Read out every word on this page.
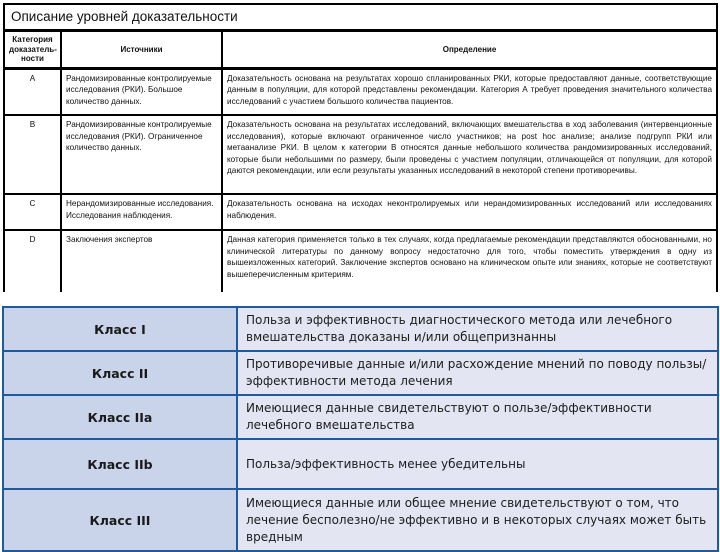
Описание уровней доказательности
Категория доказатель-ности	Источники	Определение
A	Рандомизированные контролируемые исследования (РКИ). Большое количество данных.	Доказательность основана на результатах хорошо спланированных РКИ, которые предоставляют данные, соответствующие данным в популяции, для которой представлены рекомендации. Категория А требует проведения значительного количества исследований с участием большого количества пациентов.
B	Рандомизированные контролируемые исследования (РКИ). Ограниченное количество данных.	Доказательность основана на результатах исследований, включающих вмешательства в ход заболевания (интервенционные исследования), которые включают ограниченное число участников; на post hoc анализе; анализе подгрупп РКИ или метаанализе РКИ. В целом к категории В относятся данные небольшого количества рандомизированных исследований, которые были небольшими по размеру, были проведены с участием популяции, отличающейся от популяции, для которой даются рекомендации, или если результаты указанных исследований в некоторой степени противоречивы.
C	Нерандомизированные исследования. Исследования наблюдения.	Доказательность основана на исходах неконтролируемых или нерандомизированных исследований или исследованиях наблюдения.
D	Заключения экспертов	Данная категория применяется только в тех случаях, когда предлагаемые рекомендации представляются обоснованными, но клинической литературы по данному вопросу недостаточно для того, чтобы поместить утверждения в одну из вышеизложенных категорий. Заключение экспертов основано на клиническом опыте или знаниях, которые не соответствуют вышеперечисленным критериям.
Класс I	Польза и эффективность диагностического метода или лечебного вмешательства доказаны и/или общепризнанны
Класс II	Противоречивые данные и/или расхождение мнений по поводу пользы/эффективности метода лечения
Класс IIa	Имеющиеся данные свидетельствуют о пользе/эффективности лечебного вмешательства
Класс IIb	Польза/эффективность менее убедительны
Класс III	Имеющиеся данные или общее мнение свидетельствуют о том, что лечение бесполезно/не эффективно и в некоторых случаях может быть вредным
